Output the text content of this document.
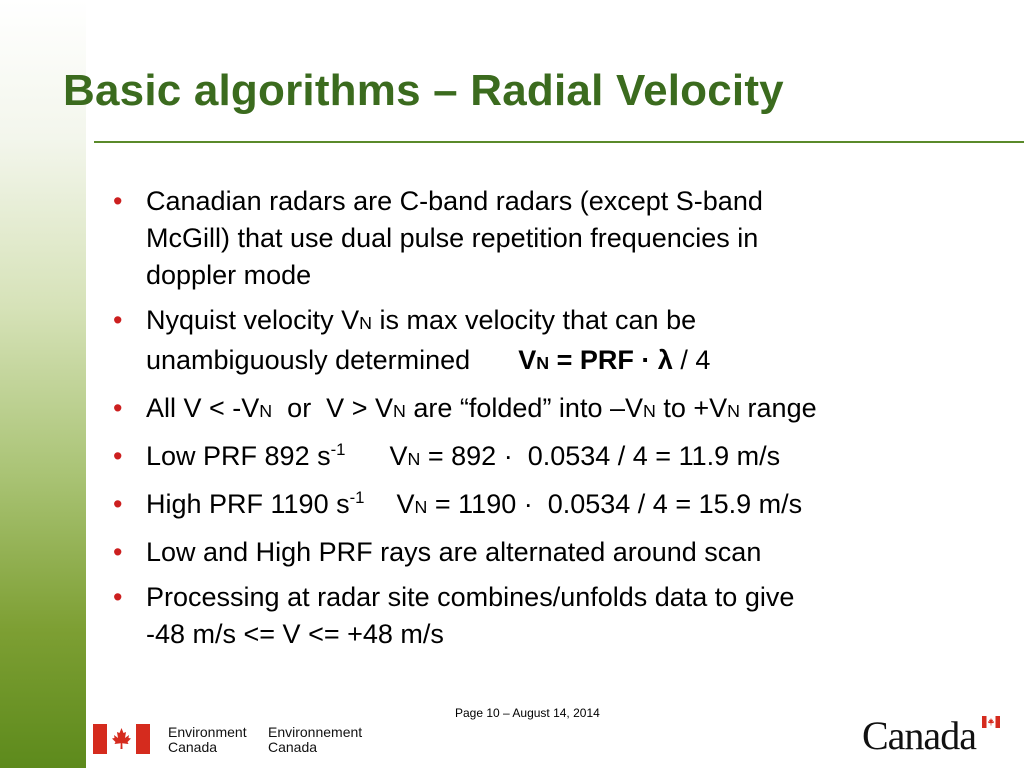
Basic algorithms – Radial Velocity
• Canadian radars are C-band radars (except S-band
McGill) that use dual pulse repetition frequencies in
doppler mode
• Nyquist velocity VN is max velocity that can be
unambiguously determined VN = PRF · λ / 4
• All V < -VN  or  V > VN are “folded” into –VN to +VN range
• Low PRF 892 $s^{-1}$ VN = 892 ·  0.0534 / 4 = 11.9 m/s
• High PRF 1190 $s^{-1}$ VN = 1190 ·  0.0534 / 4 = 15.9 m/s
• Low and High PRF rays are alternated around scan
• Processing at radar site combines/unfolds data to give
-48 m/s <= V <= +48 m/s
Page 10 – August 14, 2014
Environment
Canada
Environnement
Canada	Canada
